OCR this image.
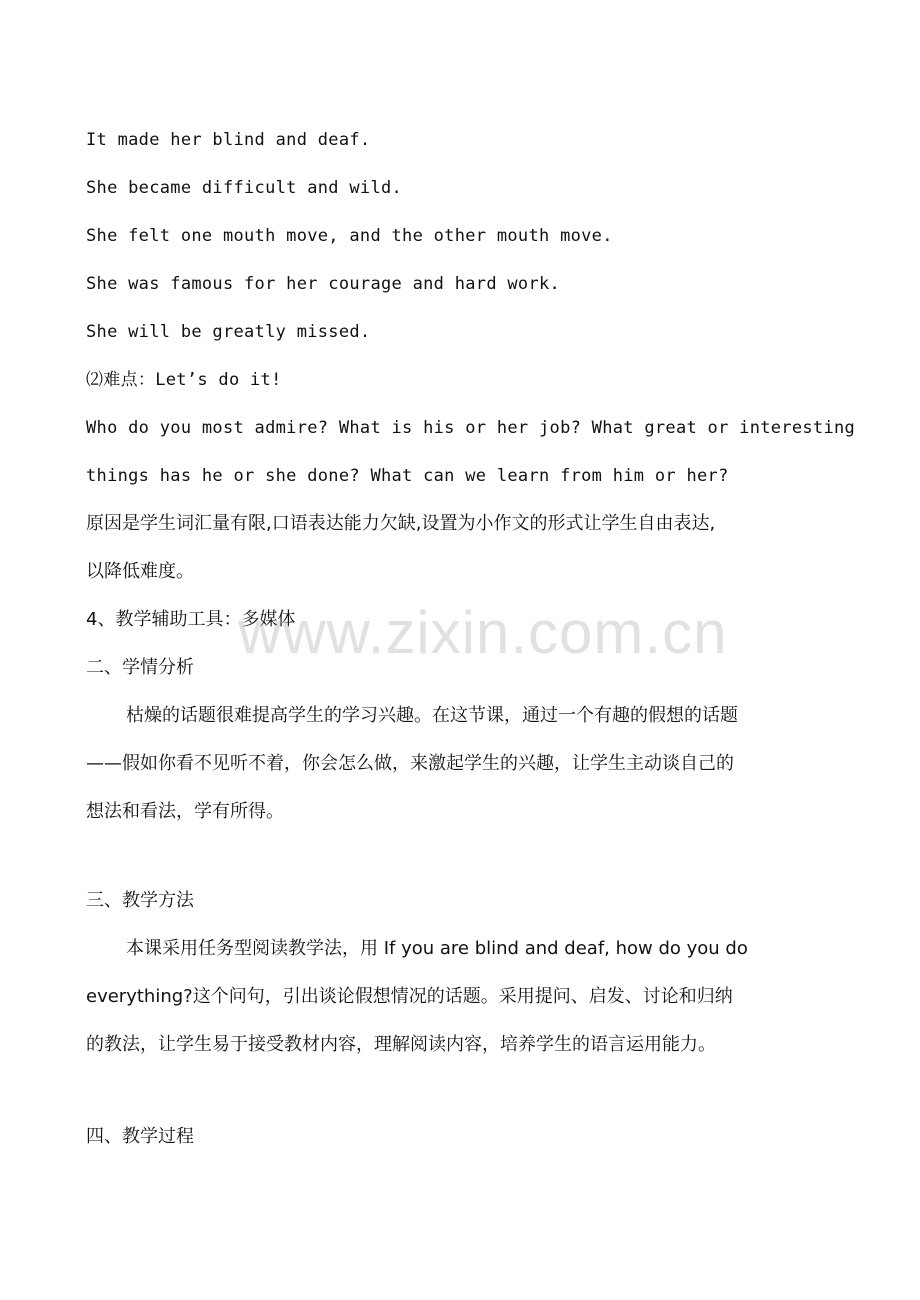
It made her blind and deaf.

She became difficult and wild.

She felt one mouth move, and the other mouth move.

She was famous for her courage and hard work.

She will be greatly missed.

⑵难点：Let’s do it!

Who do you most admire? What is his or her job? What great or interesting

things has he or she done? What can we learn from him or her?

原因是学生词汇量有限,口语表达能力欠缺,设置为小作文的形式让学生自由表达,

以降低难度。

4、教学辅助工具：多媒体

二、学情分析

枯燥的话题很难提高学生的学习兴趣。在这节课，通过一个有趣的假想的话题

——假如你看不见听不着，你会怎么做，来激起学生的兴趣，让学生主动谈自己的

想法和看法，学有所得。

三、教学方法

本课采用任务型阅读教学法，用 If you are blind and deaf, how do you do

everything?这个问句，引出谈论假想情况的话题。采用提问、启发、讨论和归纳

的教法，让学生易于接受教材内容，理解阅读内容，培养学生的语言运用能力。

四、教学过程

www.zixin.com.cn
